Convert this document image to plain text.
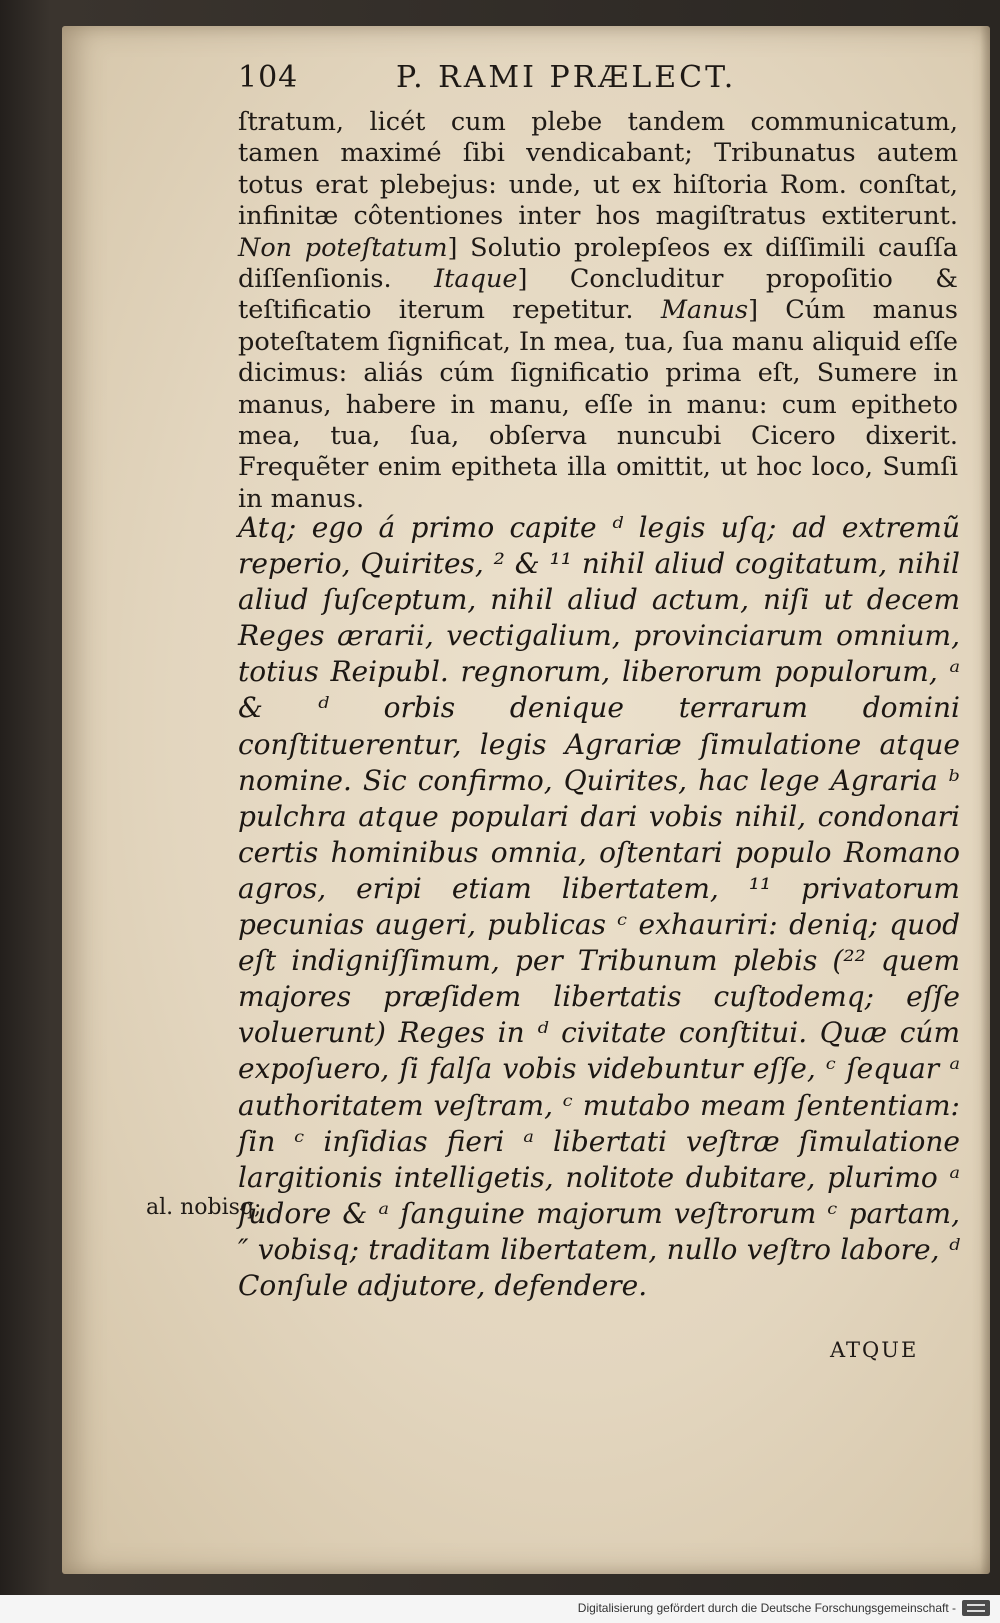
104	P. RAMI PRÆLECT.
ſtratum, licét cum plebe tandem communicatum, tamen maximé ſibi vendicabant; Tribunatus autem totus erat plebejus: unde, ut ex hiſtoria Rom. conſtat, infinitæ côtentiones inter hos magiſtratus extiterunt. Non poteſtatum] Solutio prolepſeos ex diſſimili cauſſa diſſenſionis. Itaque] Concluditur propoſitio & teſtificatio iterum repetitur. Manus] Cúm manus poteſtatem ſignificat, In mea, tua, ſua manu aliquid eſſe dicimus: aliás cúm ſignificatio prima eſt, Sumere in manus, habere in manu, eſſe in manu: cum epitheto mea, tua, ſua, obſerva nuncubi Cicero dixerit. Frequẽter enim epitheta illa omittit, ut hoc loco, Sumſi in manus.
Atq; ego á primo capite ᵈ legis uſq; ad extremũ reperio, Quirites, ² & ¹¹ nihil aliud cogitatum, nihil aliud ſuſceptum, nihil aliud actum, niſi ut decem Reges ærarii, vectigalium, provinciarum omnium, totius Reipubl. regnorum, liberorum populorum, ᵃ & ᵈ orbis denique terrarum domini conſtituerentur, legis Agrariæ ſimulatione atque nomine. Sic confirmo, Quirites, hac lege Agraria ᵇ pulchra atque populari dari vobis nihil, condonari certis hominibus omnia, oſtentari populo Romano agros, eripi etiam libertatem, ¹¹ privatorum pecunias augeri, publicas ᶜ exhauriri: deniq; quod eſt indigniſſimum, per Tribunum plebis (²² quem majores præſidem libertatis cuſtodemq; eſſe voluerunt) Reges in ᵈ civitate conſtitui. Quæ cúm expoſuero, ſi falſa vobis videbuntur eſſe, ᶜ ſequar ᵃ authoritatem veſtram, ᶜ mutabo meam ſententiam: ſin ᶜ inſidias fieri ᵃ libertati veſtræ ſimulatione largitionis intelligetis, nolitote dubitare, plurimo ᵃ ſudore & ᵃ ſanguine majorum veſtrorum ᶜ partam, ″ vobisq; traditam libertatem, nullo veſtro labore, ᵈ Conſule adjutore, defendere.
al. nobisq;
ATQUE
Digitalisierung gefördert durch die Deutsche Forschungsgemeinschaft -
